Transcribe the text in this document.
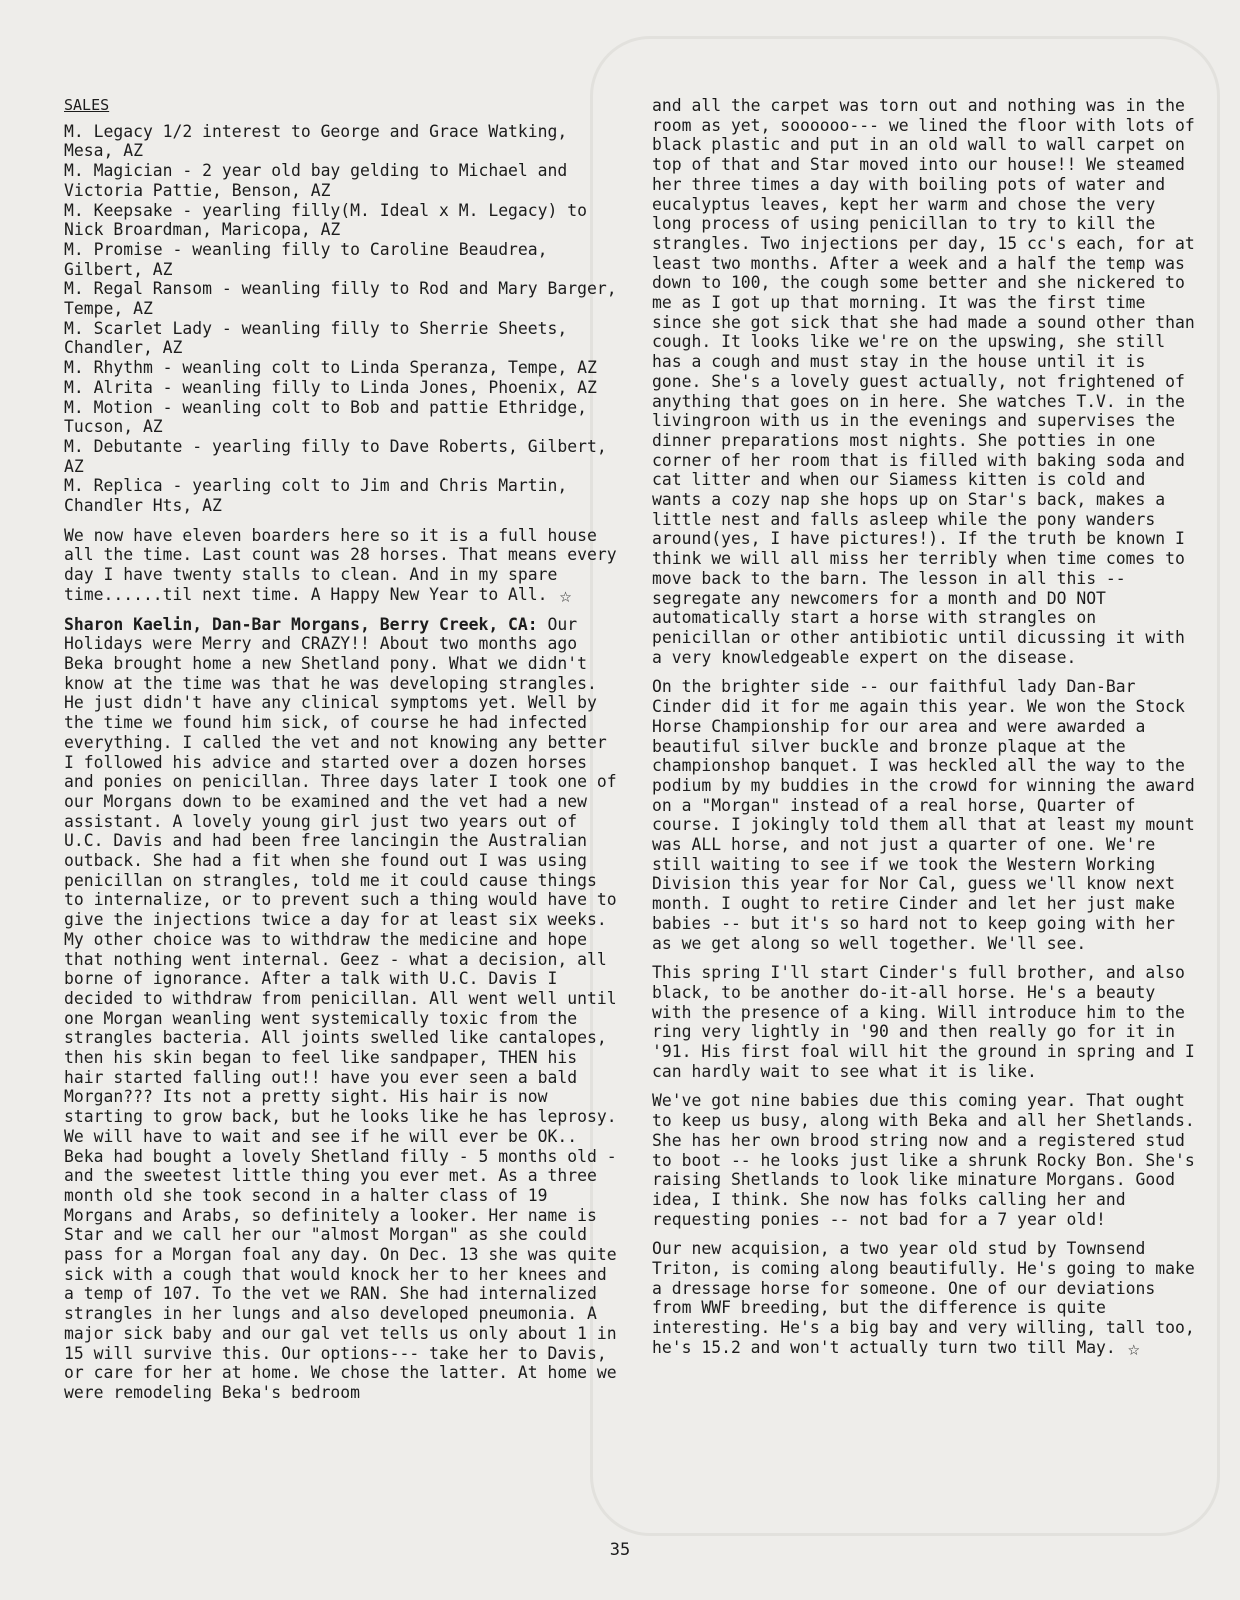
SALES

M. Legacy 1/2 interest to George and Grace Watking, Mesa, AZ

M. Magician - 2 year old bay gelding to Michael and Victoria Pattie, Benson, AZ

M. Keepsake - yearling filly(M. Ideal x M. Legacy) to Nick Broardman, Maricopa, AZ

M. Promise - weanling filly to Caroline Beaudrea, Gilbert, AZ

M. Regal Ransom - weanling filly to Rod and Mary Barger, Tempe, AZ

M. Scarlet Lady - weanling filly to Sherrie Sheets, Chandler, AZ

M. Rhythm - weanling colt to Linda Speranza, Tempe, AZ

M. Alrita - weanling filly to Linda Jones, Phoenix, AZ

M. Motion - weanling colt to Bob and pattie Ethridge, Tucson, AZ

M. Debutante - yearling filly to Dave Roberts, Gilbert, AZ

M. Replica - yearling colt to Jim and Chris Martin, Chandler Hts, AZ

We now have eleven boarders here so it is a full house all the time. Last count was 28 horses. That means every day I have twenty stalls to clean. And in my spare time......til next time. A Happy New Year to All. ☆

Sharon Kaelin, Dan-Bar Morgans, Berry Creek, CA: Our Holidays were Merry and CRAZY!! About two months ago Beka brought home a new Shetland pony. What we didn't know at the time was that he was developing strangles. He just didn't have any clinical symptoms yet. Well by the time we found him sick, of course he had infected everything. I called the vet and not knowing any better I followed his advice and started over a dozen horses and ponies on penicillan. Three days later I took one of our Morgans down to be examined and the vet had a new assistant. A lovely young girl just two years out of U.C. Davis and had been free lancingin the Australian outback. She had a fit when she found out I was using penicillan on strangles, told me it could cause things to internalize, or to prevent such a thing would have to give the injections twice a day for at least six weeks. My other choice was to withdraw the medicine and hope that nothing went internal. Geez - what a decision, all borne of ignorance. After a talk with U.C. Davis I decided to withdraw from penicillan. All went well until one Morgan weanling went systemically toxic from the strangles bacteria. All joints swelled like cantalopes, then his skin began to feel like sandpaper, THEN his hair started falling out!! have you ever seen a bald Morgan??? Its not a pretty sight. His hair is now starting to grow back, but he looks like he has leprosy. We will have to wait and see if he will ever be OK.. Beka had bought a lovely Shetland filly - 5 months old - and the sweetest little thing you ever met. As a three month old she took second in a halter class of 19 Morgans and Arabs, so definitely a looker. Her name is Star and we call her our "almost Morgan" as she could pass for a Morgan foal any day. On Dec. 13 she was quite sick with a cough that would knock her to her knees and a temp of 107. To the vet we RAN. She had internalized strangles in her lungs and also developed pneumonia. A major sick baby and our gal vet tells us only about 1 in 15 will survive this. Our options--- take her to Davis, or care for her at home. We chose the latter. At home we were remodeling Beka's bedroom

and all the carpet was torn out and nothing was in the room as yet, soooooo--- we lined the floor with lots of black plastic and put in an old wall to wall carpet on top of that and Star moved into our house!! We steamed her three times a day with boiling pots of water and eucalyptus leaves, kept her warm and chose the very long process of using penicillan to try to kill the strangles. Two injections per day, 15 cc's each, for at least two months. After a week and a half the temp was down to 100, the cough some better and she nickered to me as I got up that morning. It was the first time since she got sick that she had made a sound other than cough. It looks like we're on the upswing, she still has a cough and must stay in the house until it is gone. She's a lovely guest actually, not frightened of anything that goes on in here. She watches T.V. in the livingroon with us in the evenings and supervises the dinner preparations most nights. She potties in one corner of her room that is filled with baking soda and cat litter and when our Siamess kitten is cold and wants a cozy nap she hops up on Star's back, makes a little nest and falls asleep while the pony wanders around(yes, I have pictures!). If the truth be known I think we will all miss her terribly when time comes to move back to the barn. The lesson in all this -- segregate any newcomers for a month and DO NOT automatically start a horse with strangles on penicillan or other antibiotic until dicussing it with a very knowledgeable expert on the disease.

On the brighter side -- our faithful lady Dan-Bar Cinder did it for me again this year. We won the Stock Horse Championship for our area and were awarded a beautiful silver buckle and bronze plaque at the championshop banquet. I was heckled all the way to the podium by my buddies in the crowd for winning the award on a "Morgan" instead of a real horse, Quarter of course. I jokingly told them all that at least my mount was ALL horse, and not just a quarter of one. We're still waiting to see if we took the Western Working Division this year for Nor Cal, guess we'll know next month. I ought to retire Cinder and let her just make babies -- but it's so hard not to keep going with her as we get along so well together. We'll see.

This spring I'll start Cinder's full brother, and also black, to be another do-it-all horse. He's a beauty with the presence of a king. Will introduce him to the ring very lightly in '90 and then really go for it in '91. His first foal will hit the ground in spring and I can hardly wait to see what it is like.

We've got nine babies due this coming year. That ought to keep us busy, along with Beka and all her Shetlands. She has her own brood string now and a registered stud to boot -- he looks just like a shrunk Rocky Bon. She's raising Shetlands to look like minature Morgans. Good idea, I think. She now has folks calling her and requesting ponies -- not bad for a 7 year old!

Our new acquision, a two year old stud by Townsend Triton, is coming along beautifully. He's going to make a dressage horse for someone. One of our deviations from WWF breeding, but the difference is quite interesting. He's a big bay and very willing, tall too, he's 15.2 and won't actually turn two till May. ☆

35
